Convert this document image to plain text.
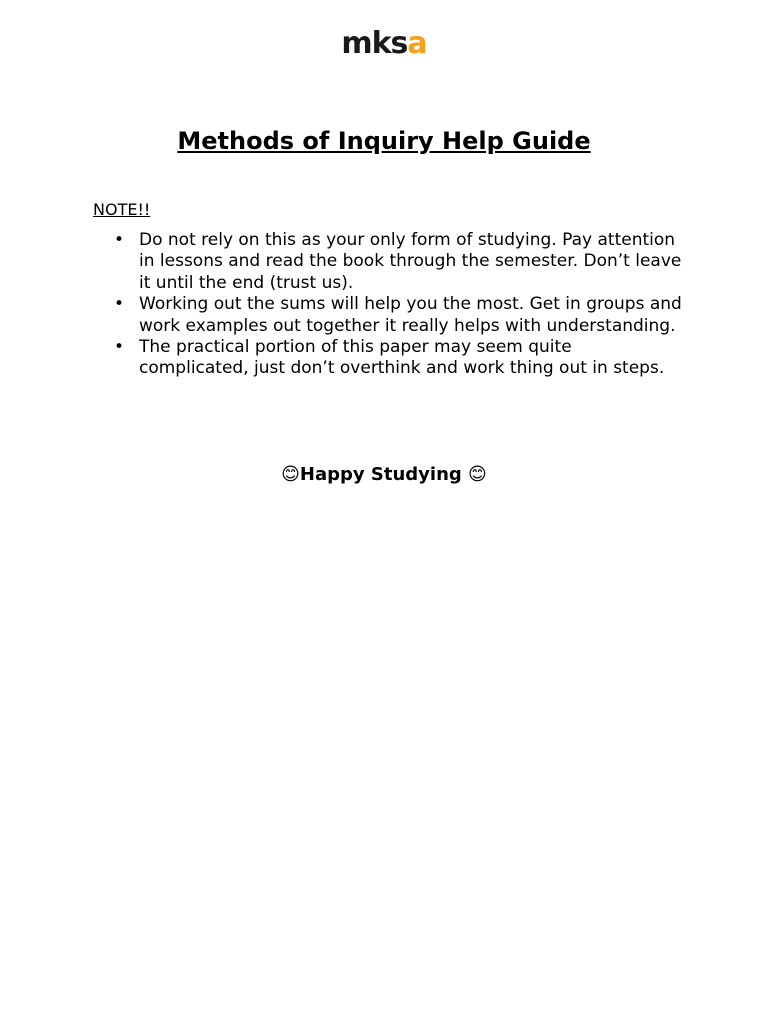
mksa
Methods of Inquiry Help Guide

NOTE!!

• Do not rely on this as your only form of studying. Pay attention in lessons and read the book through the semester. Don’t leave it until the end (trust us).
• Working out the sums will help you the most. Get in groups and work examples out together it really helps with understanding.
• The practical portion of this paper may seem quite complicated, just don’t overthink and work thing out in steps.

😊Happy Studying 😊
